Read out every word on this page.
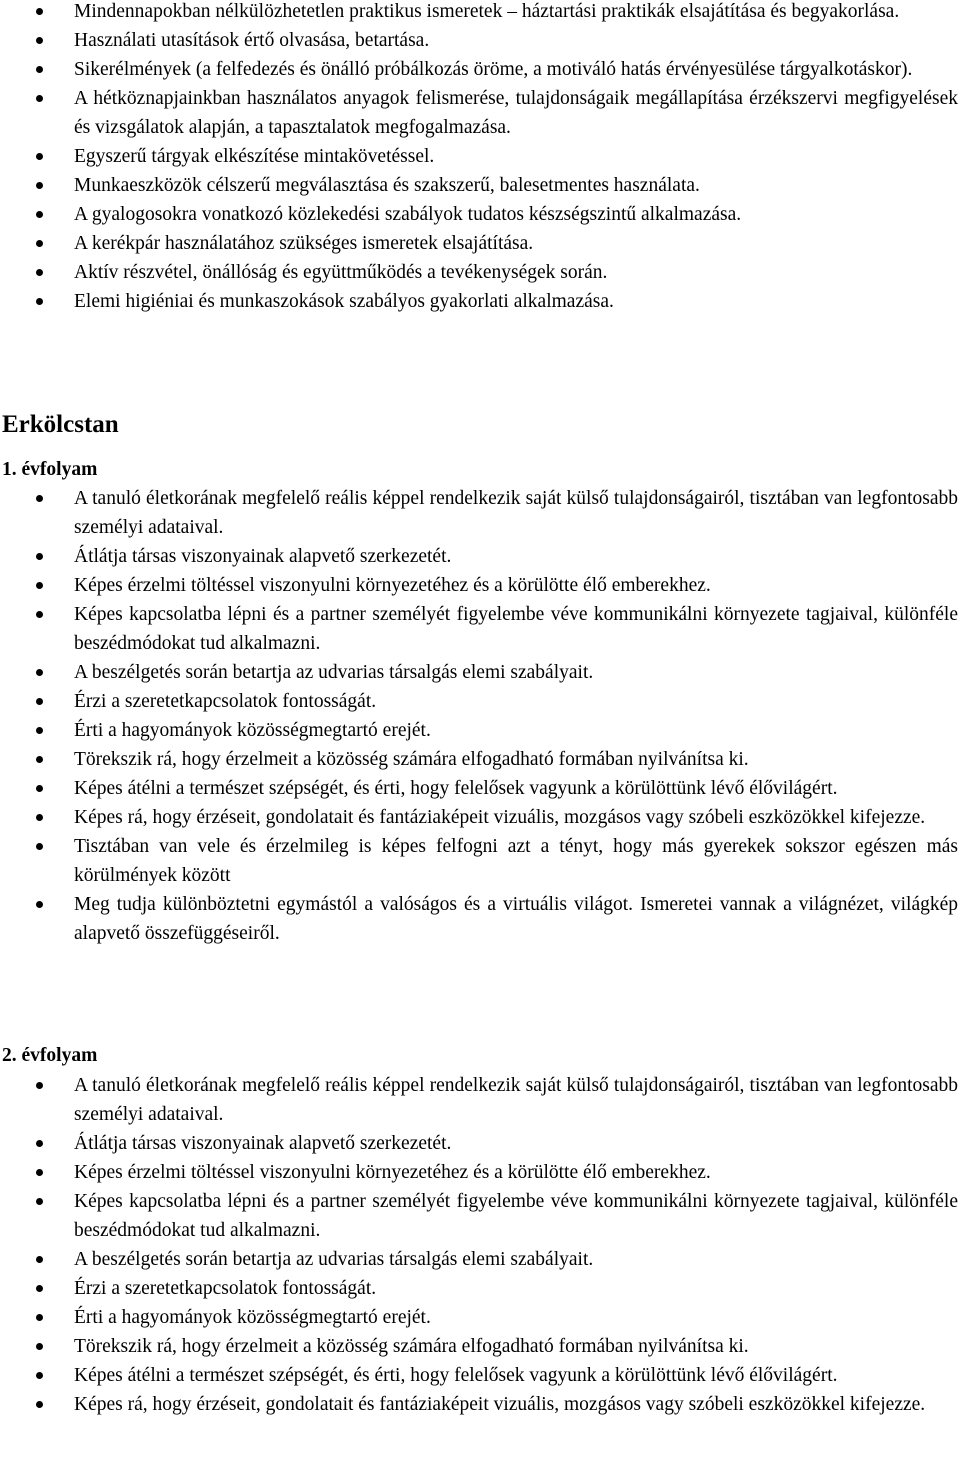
Mindennapokban nélkülözhetetlen praktikus ismeretek – háztartási praktikák elsajátítása és begyakorlása.
Használati utasítások értő olvasása, betartása.
Sikerélmények (a felfedezés és önálló próbálkozás öröme, a motiváló hatás érvényesülése tárgyalkotáskor).
A hétköznapjainkban használatos anyagok felismerése, tulajdonságaik megállapítása érzékszervi megfigyelések és vizsgálatok alapján, a tapasztalatok megfogalmazása.
Egyszerű tárgyak elkészítése mintakövetéssel.
Munkaeszközök célszerű megválasztása és szakszerű, balesetmentes használata.
A gyalogosokra vonatkozó közlekedési szabályok tudatos készségszintű alkalmazása.
A kerékpár használatához szükséges ismeretek elsajátítása.
Aktív részvétel, önállóság és együttműködés a tevékenységek során.
Elemi higiéniai és munkaszokások szabályos gyakorlati alkalmazása.
Erkölcstan
1. évfolyam
A tanuló életkorának megfelelő reális képpel rendelkezik saját külső tulajdonságairól, tisztában van legfontosabb személyi adataival.
Átlátja társas viszonyainak alapvető szerkezetét.
Képes érzelmi töltéssel viszonyulni környezetéhez és a körülötte élő emberekhez.
Képes kapcsolatba lépni és a partner személyét figyelembe véve kommunikálni környezete tagjaival, különféle beszédmódokat tud alkalmazni.
A beszélgetés során betartja az udvarias társalgás elemi szabályait.
Érzi a szeretetkapcsolatok fontosságát.
Érti a hagyományok közösségmegtartó erejét.
Törekszik rá, hogy érzelmeit a közösség számára elfogadható formában nyilvánítsa ki.
Képes átélni a természet szépségét, és érti, hogy felelősek vagyunk a körülöttünk lévő élővilágért.
Képes rá, hogy érzéseit, gondolatait és fantáziaképeit vizuális, mozgásos vagy szóbeli eszközökkel kifejezze.
Tisztában van vele és érzelmileg is képes felfogni azt a tényt, hogy más gyerekek sokszor egészen más körülmények között
Meg tudja különböztetni egymástól a valóságos és a virtuális világot. Ismeretei vannak a világnézet, világkép alapvető összefüggéseiről.
2. évfolyam
A tanuló életkorának megfelelő reális képpel rendelkezik saját külső tulajdonságairól, tisztában van legfontosabb személyi adataival.
Átlátja társas viszonyainak alapvető szerkezetét.
Képes érzelmi töltéssel viszonyulni környezetéhez és a körülötte élő emberekhez.
Képes kapcsolatba lépni és a partner személyét figyelembe véve kommunikálni környezete tagjaival, különféle beszédmódokat tud alkalmazni.
A beszélgetés során betartja az udvarias társalgás elemi szabályait.
Érzi a szeretetkapcsolatok fontosságát.
Érti a hagyományok közösségmegtartó erejét.
Törekszik rá, hogy érzelmeit a közösség számára elfogadható formában nyilvánítsa ki.
Képes átélni a természet szépségét, és érti, hogy felelősek vagyunk a körülöttünk lévő élővilágért.
Képes rá, hogy érzéseit, gondolatait és fantáziaképeit vizuális, mozgásos vagy szóbeli eszközökkel kifejezze.
